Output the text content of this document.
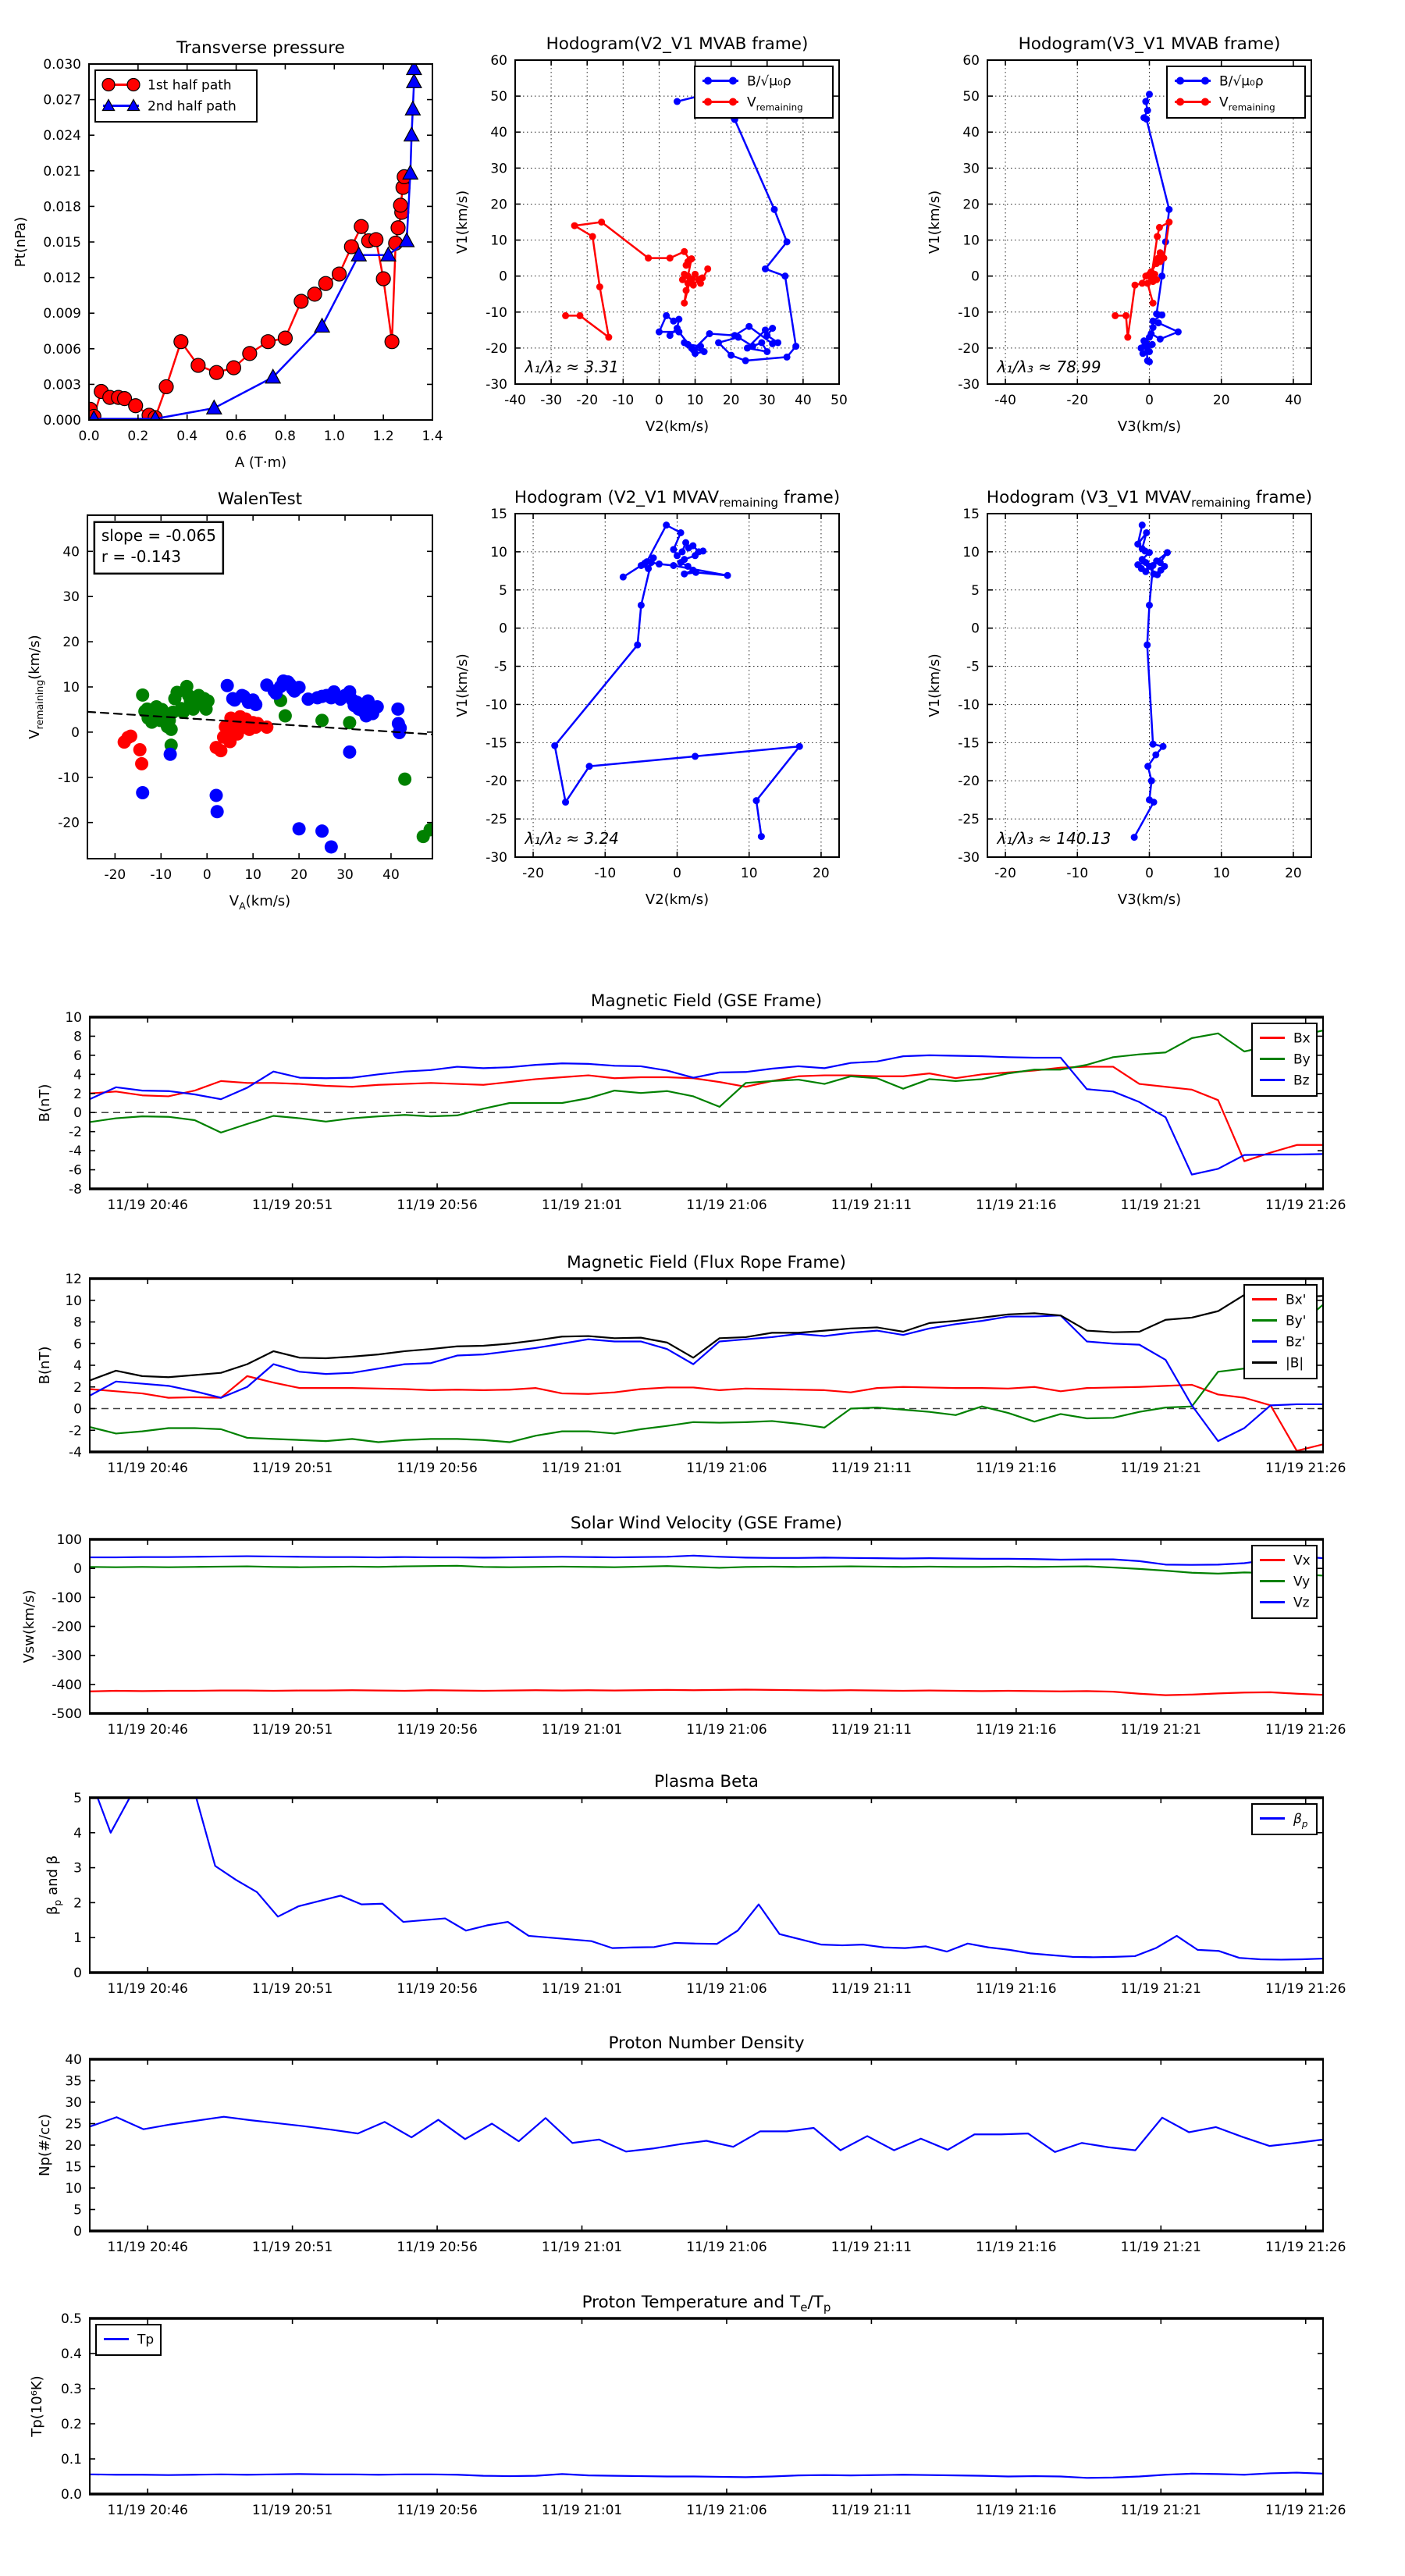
0.0 0.2 0.4 0.6 0.8 1.0 1.2 1.4
0.000
0.003
0.006
0.009
0.012
0.015
0.018
0.021
0.024
0.027
0.030
Transverse pressure
A (T·m)
Pt(nPa)
1st half path
2nd half path
-40 -30 -20 -10 0 10 20 30 40 50
-30
-20
-10
0
10
20
30
40
50
60
Hodogram(V2_V1 MVAB frame)
V2(km/s)
V1(km/s)
B/√μ₀ρ
$V_{remaining}$
λ₁/λ₂ ≈ 3.31
-40	-20	0	20	40
-30
-20
-10
0
10
20
30
40
50
60
Hodogram(V3_V1 MVAB frame)
V3(km/s)
V1(km/s)
B/√μ₀ρ
$V_{remaining}$
λ₁/λ₃ ≈ 78.99
-20 -10 0	10 20 30 40
-20
-10
0
10
20
30
40
WalenTest
$V_A(km/s)$
$V_{remaining}(km/s)$
slope = -0.065
r = -0.143
-20	-10	0	10	20
-30
-25
-20
-15
-10
-5
0
5
10
15
Hodogram (V2_V1 $MVAV_{remaining}$ frame)
V2(km/s)
V1(km/s)
λ₁/λ₂ ≈ 3.24
-20	-10	0	10	20
-30
-25
-20
-15
-10
-5
0
5
10
15
Hodogram (V3_V1 $MVAV_{remaining}$ frame)
V3(km/s)
V1(km/s)
λ₁/λ₃ ≈ 140.13
11/19 20:46	11/19 20:51	11/19 20:56	11/19 21:01	11/19 21:06	11/19 21:11	11/19 21:16	11/19 21:21	11/19 21:26
-8
-6
-4
-2
0
2
4
6
8
10
Magnetic Field (GSE Frame)
B(nT)
Bx
By
Bz
11/19 20:46	11/19 20:51	11/19 20:56	11/19 21:01	11/19 21:06	11/19 21:11	11/19 21:16	11/19 21:21	11/19 21:26
-4
-2
0
2
4
6
8
10
12
Magnetic Field (Flux Rope Frame)
B(nT)
Bx'
By'
Bz'
|B|
11/19 20:46	11/19 20:51	11/19 20:56	11/19 21:01	11/19 21:06	11/19 21:11	11/19 21:16	11/19 21:21	11/19 21:26
-500
-400
-300
-200
-100
0
100
Solar Wind Velocity (GSE Frame)
Vsw(km/s)
Vx
Vy
Vz
11/19 20:46	11/19 20:51	11/19 20:56	11/19 21:01	11/19 21:06	11/19 21:11	11/19 21:16	11/19 21:21	11/19 21:26
0
1
2
3
4
5
Plasma Beta
$\beta_p$ and β
$\beta_p$
11/19 20:46	11/19 20:51	11/19 20:56	11/19 21:01	11/19 21:06	11/19 21:11	11/19 21:16	11/19 21:21	11/19 21:26
0
5
10
15
20
25
30
35
40
Proton Number Density
Np(#/cc)
11/19 20:46	11/19 20:51	11/19 20:56	11/19 21:01	11/19 21:06	11/19 21:11	11/19 21:16	11/19 21:21	11/19 21:26
0.0
0.1
0.2
0.3
0.4
0.5
Proton Temperature and $T_e/T_p$
Tp(10⁶K)
Tp
